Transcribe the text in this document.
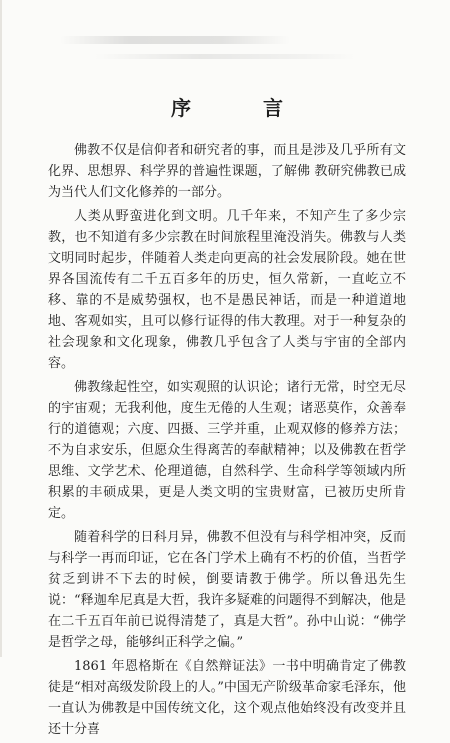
序　言

佛教不仅是信仰者和研究者的事，而且是涉及几乎所有文化界、思想界、科学界的普遍性课题，了解佛 教研究佛教已成为当代人们文化修养的一部分。

人类从野蛮进化到文明。几千年来，不知产生了多少宗教，也不知道有多少宗教在时间旅程里淹没消失。佛教与人类文明同时起步，伴随着人类走向更高的社会发展阶段。她在世界各国流传有二千五百多年的历史，恒久常新，一直屹立不移、靠的不是威势强权，也不是愚民神话，而是一种道道地地、客观如实，且可以修行证得的伟大教理。对于一种复杂的社会现象和文化现象，佛教几乎包含了人类与宇宙的全部内容。

佛教缘起性空，如实观照的认识论；诸行无常，时空无尽的宇宙观；无我利他，度生无倦的人生观；诸恶莫作，众善奉行的道德观；六度、四摄、三学并重，止观双修的修养方法；不为自求安乐，但愿众生得离苦的奉献精神；以及佛教在哲学思维、文学艺术、伦理道德，自然科学、生命科学等领域内所积累的丰硕成果，更是人类文明的宝贵财富，已被历史所肯定。

随着科学的日科月异，佛教不但没有与科学相冲突，反而与科学一再而印证，它在各门学术上确有不朽的价值，当哲学贫乏到讲不下去的时候，倒要请教于佛学。所以鲁迅先生说：“释迦牟尼真是大哲，我许多疑难的问题得不到解决，他是在二千五百年前已说得清楚了，真是大哲”。孙中山说：“佛学是哲学之母，能够纠正科学之偏。”

1861 年恩格斯在《自然辩证法》一书中明确肯定了佛教徒是“相对高级发阶段上的人。”中国无产阶级革命家毛泽东，他一直认为佛教是中国传统文化，这个观点他始终没有改变并且还十分喜
